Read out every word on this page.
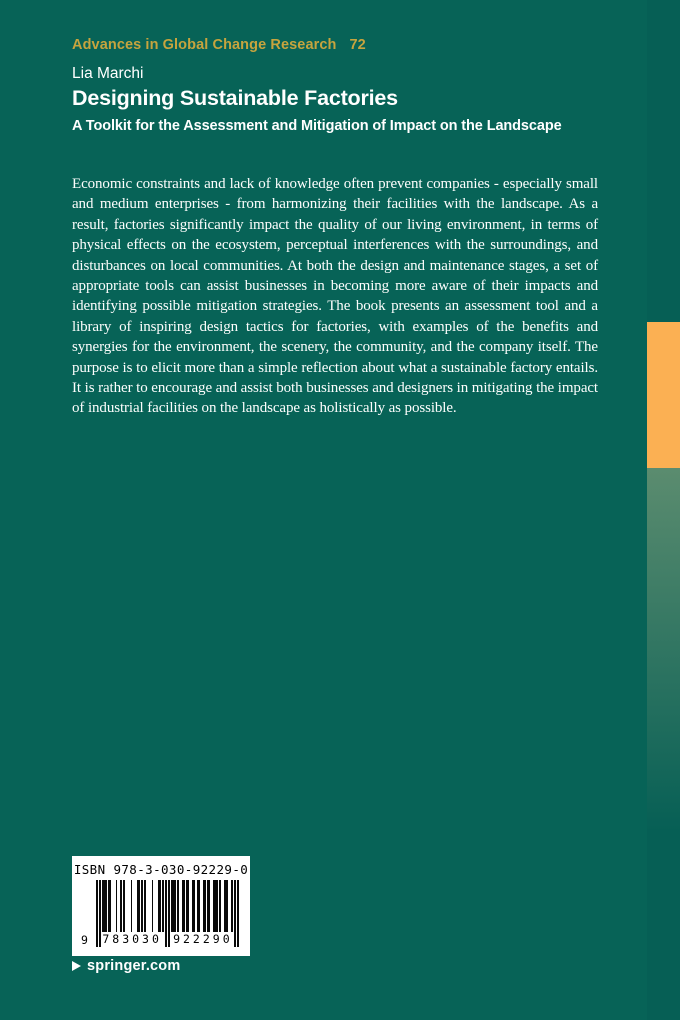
Advances in Global Change Research 72
Lia Marchi
Designing Sustainable Factories
A Toolkit for the Assessment and Mitigation of Impact on the Landscape

Economic constraints and lack of knowledge often prevent companies - especially small and medium enterprises - from harmonizing their facilities with the landscape. As a result, factories significantly impact the quality of our living environment, in terms of physical effects on the ecosystem, perceptual interferences with the surroundings, and disturbances on local communities. At both the design and maintenance stages, a set of appropriate tools can assist businesses in becoming more aware of their impacts and identifying possible mitigation strategies. The book presents an assessment tool and a library of inspiring design tactics for factories, with examples of the benefits and synergies for the environment, the scenery, the community, and the company itself. The purpose is to elicit more than a simple reflection about what a sustainable factory entails. It is rather to encourage and assist both businesses and designers in mitigating the impact of industrial facilities on the landscape as holistically as possible.

ISBN 978-3-030-92229-0
9 783030 922290
springer.com
